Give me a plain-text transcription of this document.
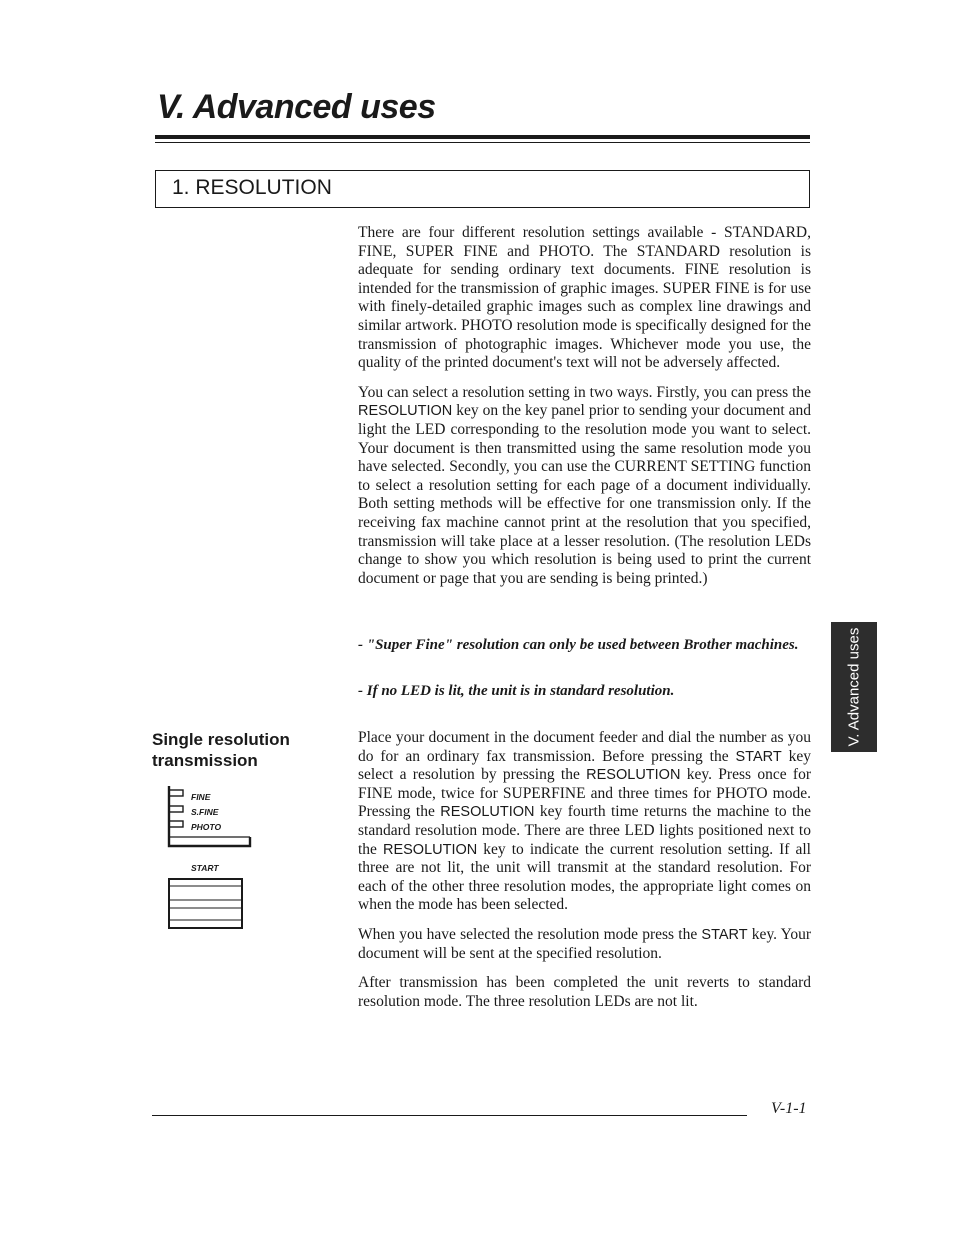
V. Advanced uses
1. RESOLUTION

There are four different resolution settings available - STANDARD, FINE, SUPER FINE and PHOTO. The STANDARD resolution is adequate for sending ordinary text documents. FINE resolution is intended for the transmission of graphic images. SUPER FINE is for use with finely-detailed graphic images such as complex line drawings and similar artwork. PHOTO resolution mode is specifically designed for the transmission of photographic images. Whichever mode you use, the quality of the printed document's text will not be adversely affected.

You can select a resolution setting in two ways. Firstly, you can press the RESOLUTION key on the key panel prior to sending your document and light the LED corresponding to the resolution mode you want to select. Your document is then transmitted using the same resolution mode you have selected. Secondly, you can use the CURRENT SETTING function to select a resolution setting for each page of a document individually. Both setting methods will be effective for one transmission only. If the receiving fax machine cannot print at the resolution that you specified, transmission will take place at a lesser resolution. (The resolution LEDs change to show you which resolution is being used to print the current document or page that you are sending is being printed.)

- "Super Fine" resolution can only be used between Brother machines.
- If no LED is lit, the unit is in standard resolution.
Single resolution transmission
FINE
S.FINE
PHOTO
START

Place your document in the document feeder and dial the number as you do for an ordinary fax transmission. Before pressing the START key select a resolution by pressing the RESOLUTION key. Press once for FINE mode, twice for SUPERFINE and three times for PHOTO mode. Pressing the RESOLUTION key fourth time returns the machine to the standard resolution mode. There are three LED lights positioned next to the RESOLUTION key to indicate the current resolution setting. If all three are not lit, the unit will transmit at the standard resolution. For each of the other three resolution modes, the appropriate light comes on when the mode has been selected.

When you have selected the resolution mode press the START key. Your document will be sent at the specified resolution.

After transmission has been completed the unit reverts to standard resolution mode. The three resolution LEDs are not lit.

V. Advanced uses
V-1-1
